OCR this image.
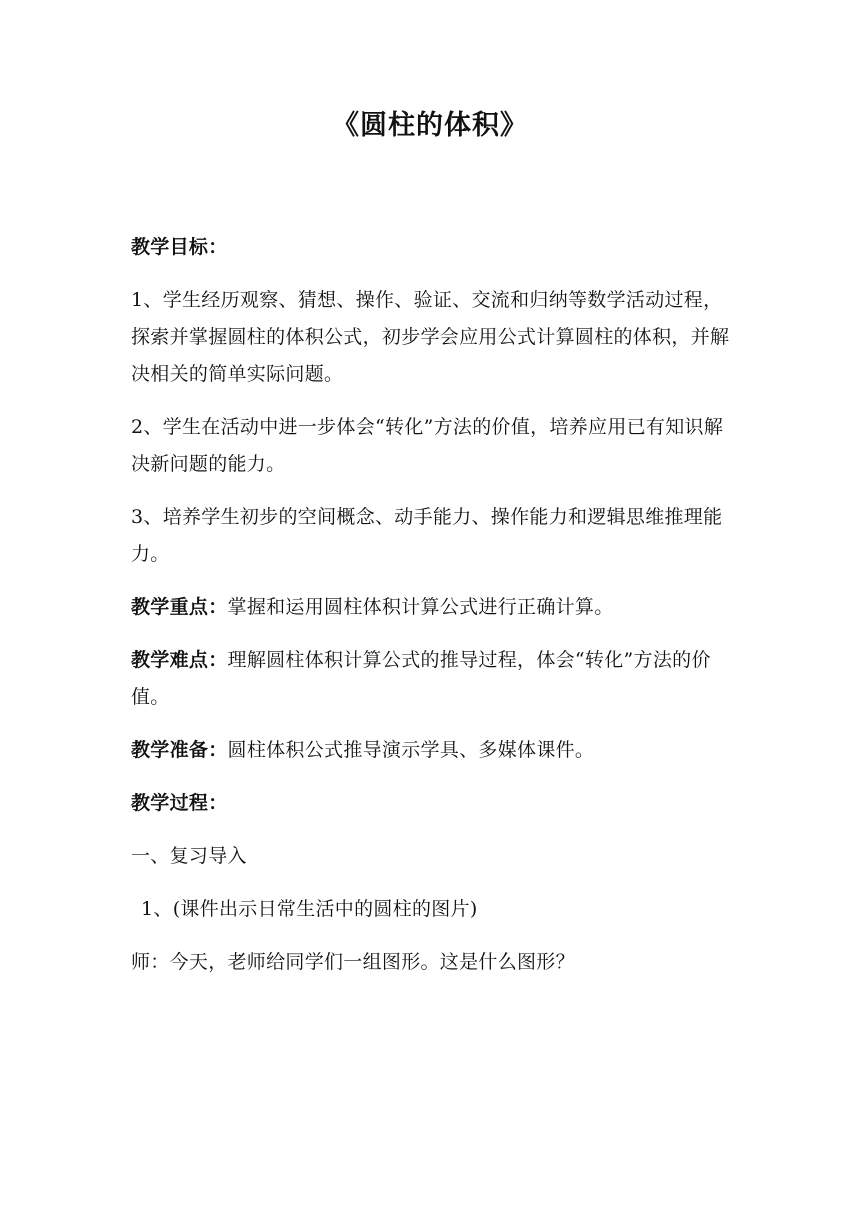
《圆柱的体积》

教学目标：

1、学生经历观察、猜想、操作、验证、交流和归纳等数学活动过程，探索并掌握圆柱的体积公式，初步学会应用公式计算圆柱的体积，并解决相关的简单实际问题。

2、学生在活动中进一步体会“转化”方法的价值，培养应用已有知识解决新问题的能力。

3、培养学生初步的空间概念、动手能力、操作能力和逻辑思维推理能力。

教学重点：掌握和运用圆柱体积计算公式进行正确计算。

教学难点：理解圆柱体积计算公式的推导过程，体会“转化”方法的价值。

教学准备：圆柱体积公式推导演示学具、多媒体课件。

教学过程：

一、复习导入

1、(课件出示日常生活中的圆柱的图片)

师：今天，老师给同学们一组图形。这是什么图形？
